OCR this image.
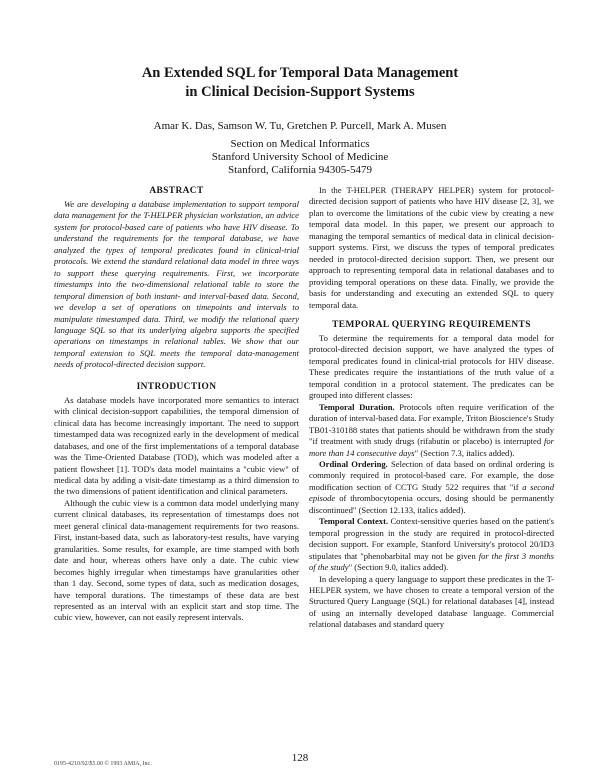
An Extended SQL for Temporal Data Management
in Clinical Decision-Support Systems
Amar K. Das, Samson W. Tu, Gretchen P. Purcell, Mark A. Musen
Section on Medical Informatics
Stanford University School of Medicine
Stanford, California 94305-5479
ABSTRACT

We are developing a database implementation to support temporal data management for the T-HELPER physician workstation, an advice system for protocol-based care of patients who have HIV disease. To understand the requirements for the temporal database, we have analyzed the types of temporal predicates found in clinical-trial protocols. We extend the standard relational data model in three ways to support these querying requirements. First, we incorporate timestamps into the two-dimensional relational table to store the temporal dimension of both instant- and interval-based data. Second, we develop a set of operations on timepoints and intervals to manipulate timestamped data. Third, we modify the relational query language SQL so that its underlying algebra supports the specified operations on timestamps in relational tables. We show that our temporal extension to SQL meets the temporal data-management needs of protocol-directed decision support.

INTRODUCTION

As database models have incorporated more semantics to interact with clinical decision-support capabilities, the temporal dimension of clinical data has become increasingly important. The need to support timestamped data was recognized early in the development of medical databases, and one of the first implementations of a temporal database was the Time-Oriented Database (TOD), which was modeled after a patient flowsheet [1]. TOD's data model maintains a "cubic view" of medical data by adding a visit-date timestamp as a third dimension to the two dimensions of patient identification and clinical parameters.

Although the cubic view is a common data model underlying many current clinical databases, its representation of timestamps does not meet general clinical data-management requirements for two reasons. First, instant-based data, such as laboratory-test results, have varying granularities. Some results, for example, are time stamped with both date and hour, whereas others have only a date. The cubic view becomes highly irregular when timestamps have granularities other than 1 day. Second, some types of data, such as medication dosages, have temporal durations. The timestamps of these data are best represented as an interval with an explicit start and stop time. The cubic view, however, can not easily represent intervals.

In the T-HELPER (THERAPY HELPER) system for protocol-directed decision support of patients who have HIV disease [2, 3], we plan to overcome the limitations of the cubic view by creating a new temporal data model. In this paper, we present our approach to managing the temporal semantics of medical data in clinical decision-support systems. First, we discuss the types of temporal predicates needed in protocol-directed decision support. Then, we present our approach to representing temporal data in relational databases and to providing temporal operations on these data. Finally, we provide the basis for understanding and executing an extended SQL to query temporal data.

TEMPORAL QUERYING REQUIREMENTS

To determine the requirements for a temporal data model for protocol-directed decision support, we have analyzed the types of temporal predicates found in clinical-trial protocols for HIV disease. These predicates require the instantiations of the truth value of a temporal condition in a protocol statement. The predicates can be grouped into different classes:

Temporal Duration. Protocols often require verification of the duration of interval-based data. For example, Triton Bioscience's Study TB01-310188 states that patients should be withdrawn from the study "if treatment with study drugs (rifabutin or placebo) is interrupted for more than 14 consecutive days" (Section 7.3, italics added).

Ordinal Ordering. Selection of data based on ordinal ordering is commonly required in protocol-based care. For example, the dose modification section of CCTG Study 522 requires that "if a second episode of thrombocytopenia occurs, dosing should be permanently discontinued" (Section 12.133, italics added).

Temporal Context. Context-sensitive queries based on the patient's temporal progression in the study are required in protocol-directed decision support. For example, Stanford University's protocol 20/ID3 stipulates that "phenobarbital may not be given for the first 3 months of the study" (Section 9.0, italics added).

In developing a query language to support these predicates in the T-HELPER system, we have chosen to create a temporal version of the Structured Query Language (SQL) for relational databases [4], instead of using an internally developed database language. Commercial relational databases and standard query

0195-4210/92/$5.00 © 1993 AMIA, Inc.	128
